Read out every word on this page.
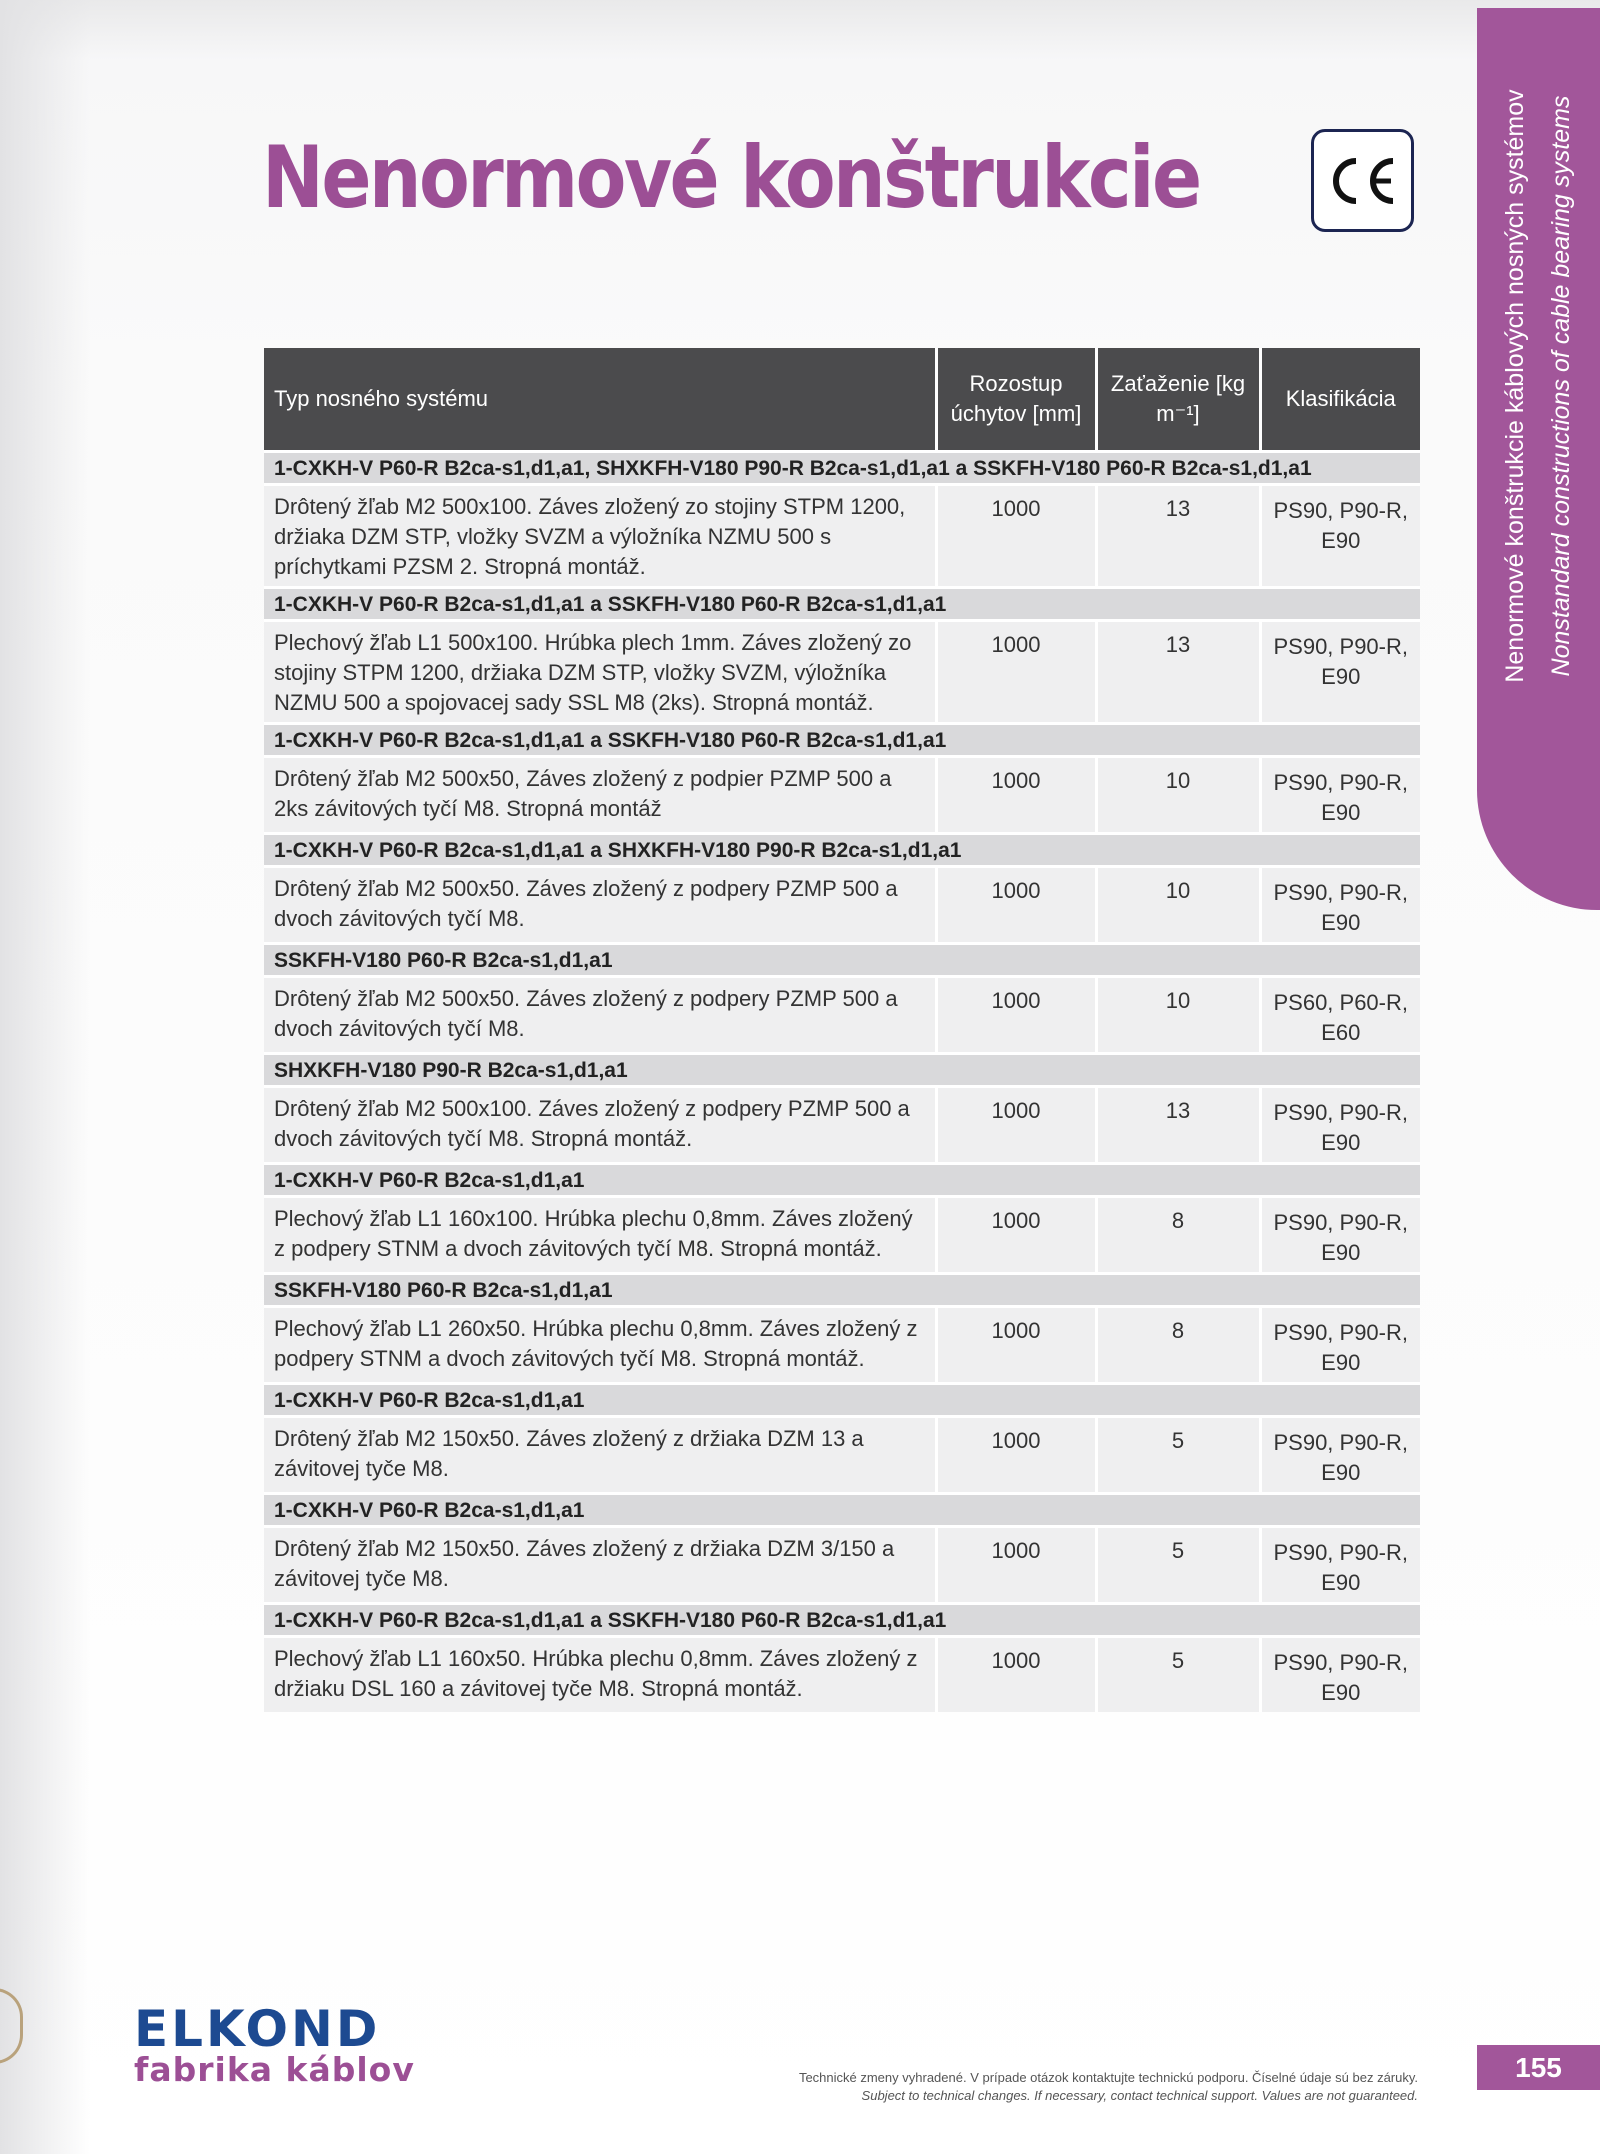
Nenormové konštrukcie	Nenormové konštrukcie káblových nosných systémov Nonstandard constructions of cable bearing systems
Typ nosného systému	Rozostup úchytov [mm]	Zaťaženie [kg m⁻¹]	Klasifikácia
1-CXKH-V P60-R B2ca-s1,d1,a1, SHXKFH-V180 P90-R B2ca-s1,d1,a1 a SSKFH-V180 P60-R B2ca-s1,d1,a1			
Drôtený žľab M2 500x100. Záves zložený zo stojiny STPM 1200, držiaka DZM STP, vložky SVZM a výložníka NZMU 500 s príchytkami PZSM 2. Stropná montáž.	1000	13	PS90, P90-R, E90
1-CXKH-V P60-R B2ca-s1,d1,a1 a SSKFH-V180 P60-R B2ca-s1,d1,a1			
Plechový žľab L1 500x100. Hrúbka plech 1mm. Záves zložený zo stojiny STPM 1200, držiaka DZM STP, vložky SVZM, výložníka NZMU 500 a spojovacej sady SSL M8 (2ks). Stropná montáž.	1000	13	PS90, P90-R, E90
1-CXKH-V P60-R B2ca-s1,d1,a1 a SSKFH-V180 P60-R B2ca-s1,d1,a1			
Drôtený žľab M2 500x50, Záves zložený z podpier PZMP 500 a 2ks závitových tyčí M8. Stropná montáž	1000	10	PS90, P90-R, E90
1-CXKH-V P60-R B2ca-s1,d1,a1 a SHXKFH-V180 P90-R B2ca-s1,d1,a1			
Drôtený žľab M2 500x50. Záves zložený z podpery PZMP 500 a dvoch závitových tyčí M8.	1000	10	PS90, P90-R, E90
SSKFH-V180 P60-R B2ca-s1,d1,a1			
Drôtený žľab M2 500x50. Záves zložený z podpery PZMP 500 a dvoch závitových tyčí M8.	1000	10	PS60, P60-R, E60
SHXKFH-V180 P90-R B2ca-s1,d1,a1			
Drôtený žľab M2 500x100. Záves zložený z podpery PZMP 500 a dvoch závitových tyčí M8. Stropná montáž.	1000	13	PS90, P90-R, E90
1-CXKH-V P60-R B2ca-s1,d1,a1			
Plechový žľab L1 160x100. Hrúbka plechu 0,8mm. Záves zložený z podpery STNM a dvoch závitových tyčí M8. Stropná montáž.	1000	8	PS90, P90-R, E90
SSKFH-V180 P60-R B2ca-s1,d1,a1			
Plechový žľab L1 260x50. Hrúbka plechu 0,8mm. Záves zložený z podpery STNM a dvoch závitových tyčí M8. Stropná montáž.	1000	8	PS90, P90-R, E90
1-CXKH-V P60-R B2ca-s1,d1,a1			
Drôtený žľab M2 150x50. Záves zložený z držiaka DZM 13 a závitovej tyče M8.	1000	5	PS90, P90-R, E90
1-CXKH-V P60-R B2ca-s1,d1,a1			
Drôtený žľab M2 150x50. Záves zložený z držiaka DZM 3/150 a závitovej tyče M8.	1000	5	PS90, P90-R, E90
1-CXKH-V P60-R B2ca-s1,d1,a1 a SSKFH-V180 P60-R B2ca-s1,d1,a1			
Plechový žľab L1 160x50. Hrúbka plechu 0,8mm. Záves zložený z držiaku DSL 160 a závitovej tyče M8. Stropná montáž.	1000	5	PS90, P90-R, E90
ELKOND
fabrika káblov	Technické zmeny vyhradené. V prípade otázok kontaktujte technickú podporu. Číselné údaje sú bez záruky.
Subject to technical changes. If necessary, contact technical support. Values are not guaranteed.
155
